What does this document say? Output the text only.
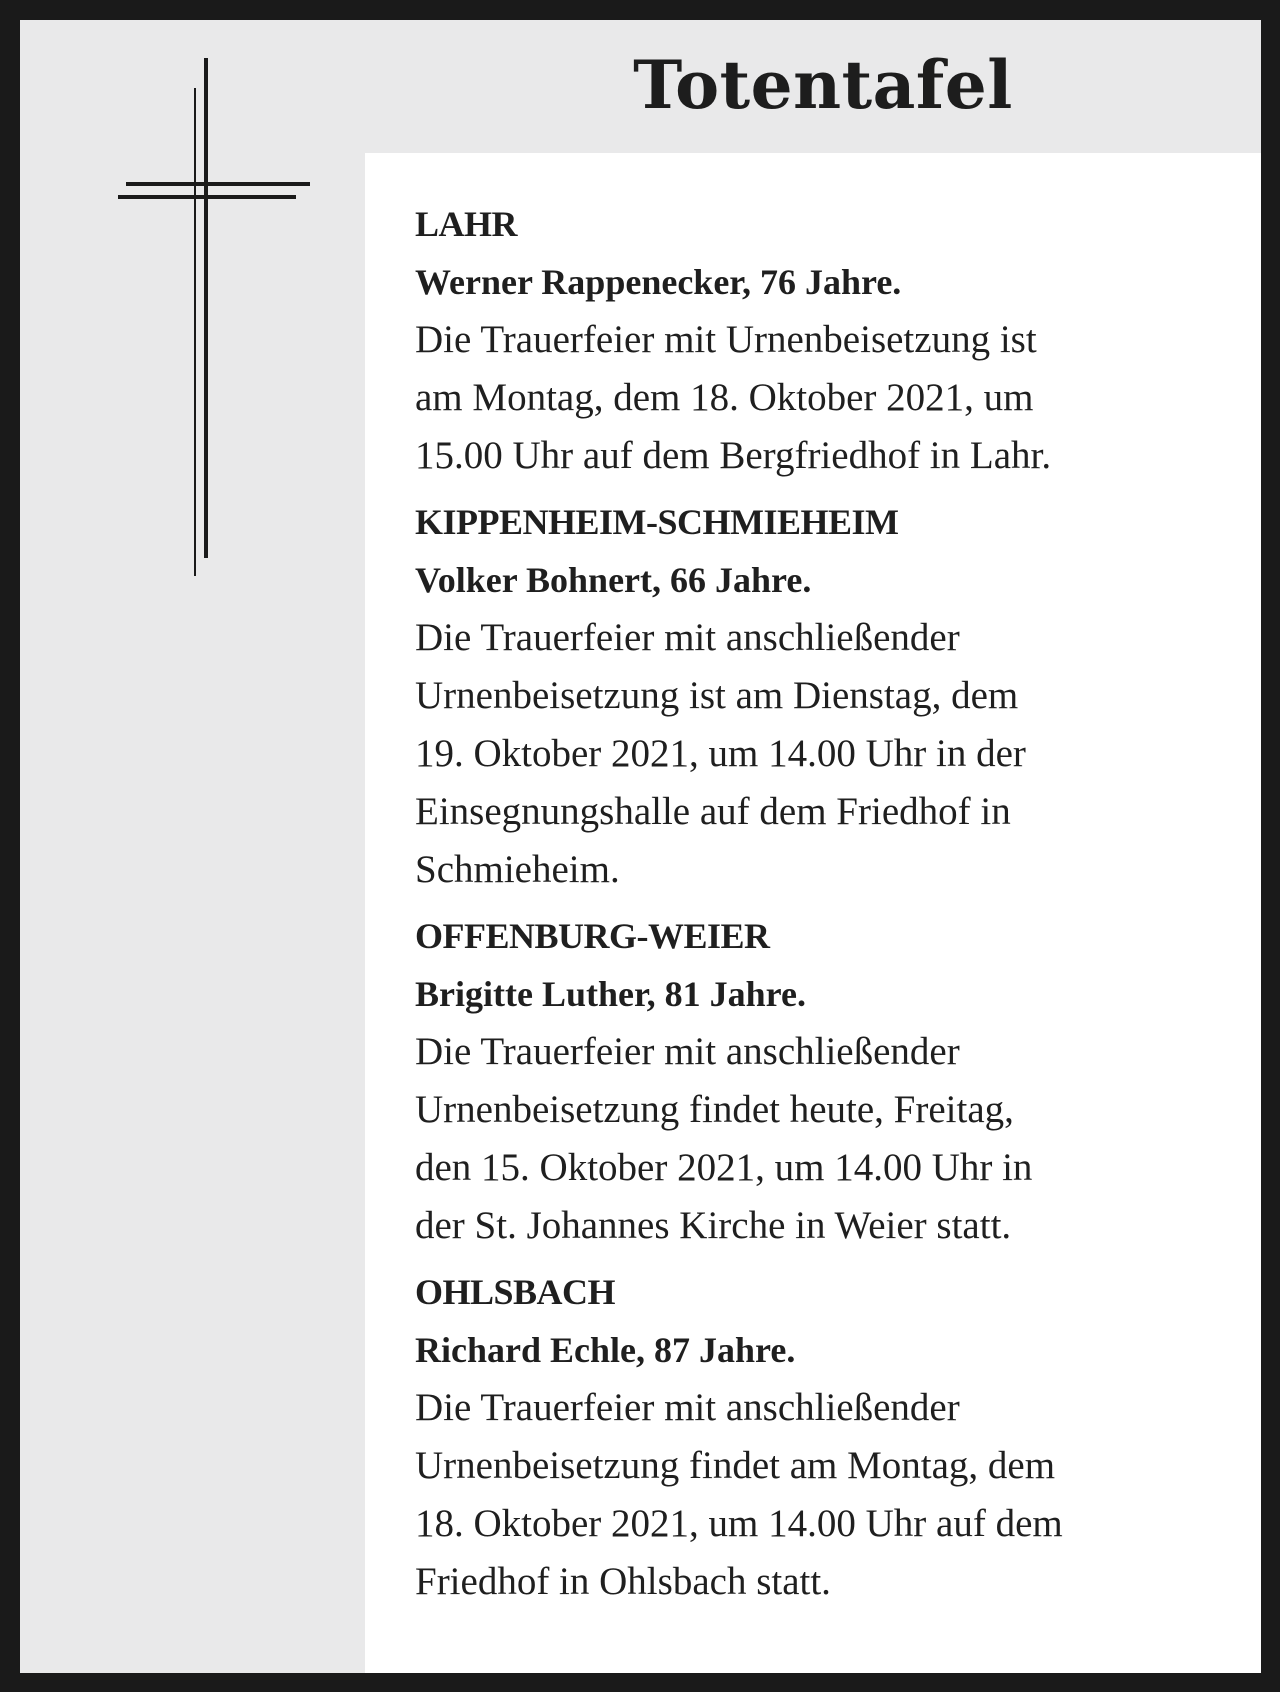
Totentafel
LAHR
Werner Rappenecker, 76 Jahre.
Die Trauerfeier mit Urnenbeisetzung ist
am Montag, dem 18. Oktober 2021, um
15.00 Uhr auf dem Bergfriedhof in Lahr.
KIPPENHEIM-SCHMIEHEIM
Volker Bohnert, 66 Jahre.
Die Trauerfeier mit anschließender
Urnenbeisetzung ist am Dienstag, dem
19. Oktober 2021, um 14.00 Uhr in der
Einsegnungshalle auf dem Friedhof in
Schmieheim.
OFFENBURG-WEIER
Brigitte Luther, 81 Jahre.
Die Trauerfeier mit anschließender
Urnenbeisetzung findet heute, Freitag,
den 15. Oktober 2021, um 14.00 Uhr in
der St. Johannes Kirche in Weier statt.
OHLSBACH
Richard Echle, 87 Jahre.
Die Trauerfeier mit anschließender
Urnenbeisetzung findet am Montag, dem
18. Oktober 2021, um 14.00 Uhr auf dem
Friedhof in Ohlsbach statt.
